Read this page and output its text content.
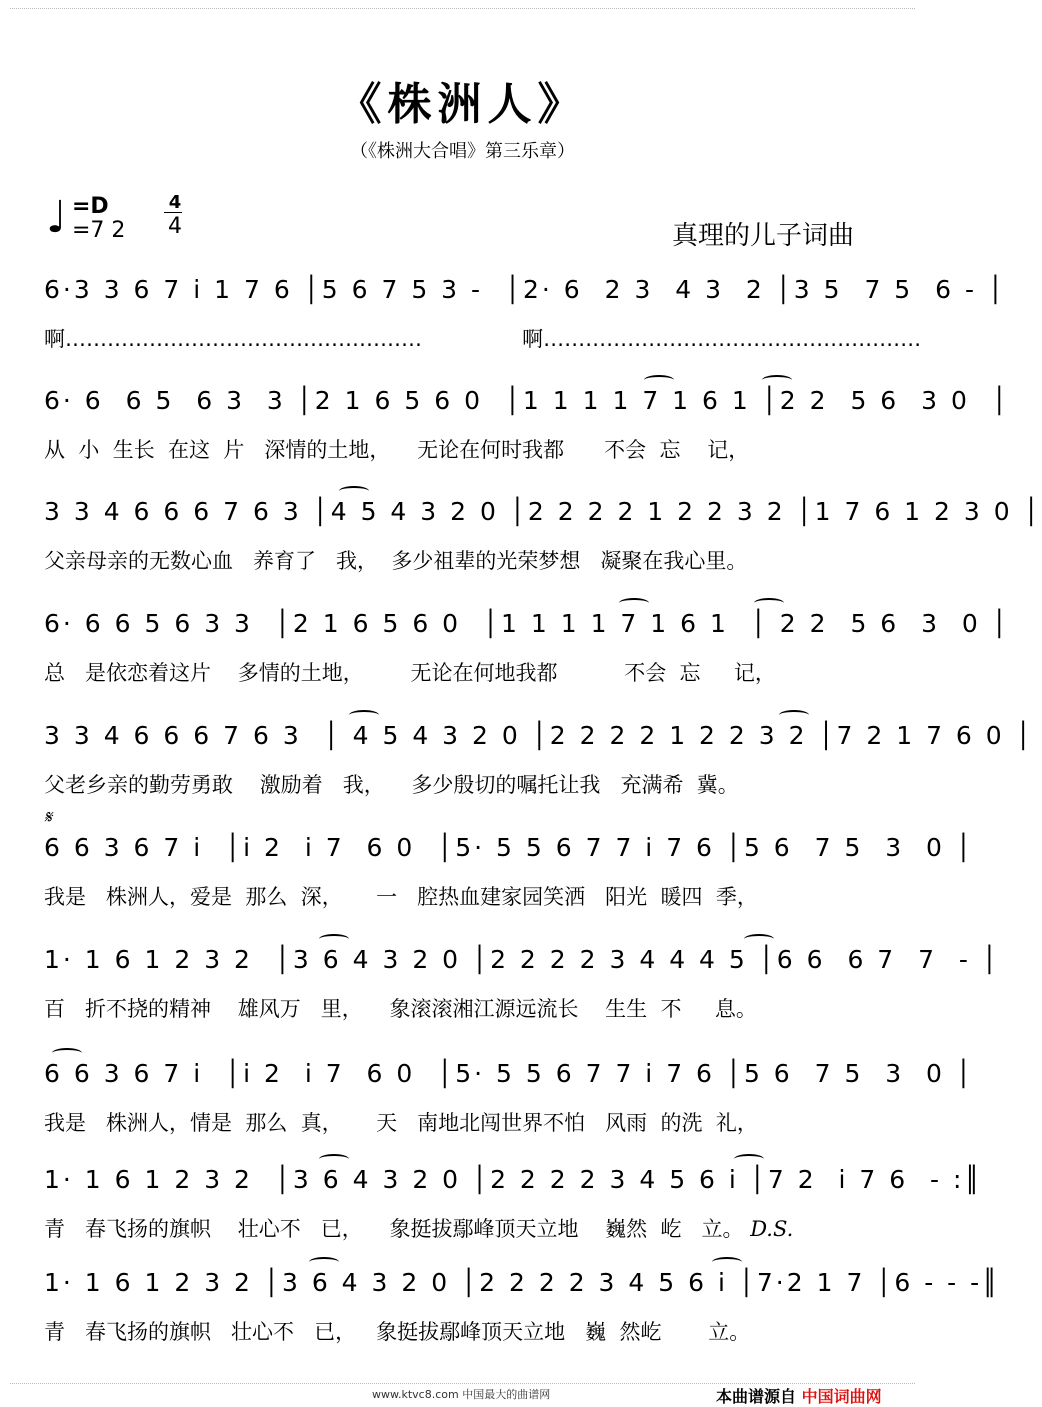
《株洲人》
（《株洲大合唱》第三乐章）
♩ =D
=7 2
4
4	真理的儿子词曲
6·3 3 6 7 i 1 7 6 │5 6 7 5 3 -  │2· 6  2 3  4 3  2 │3 5  7 5  6 - │
啊……………………………………………               啊………………………………………………
6· 6  6 5  6 3  3 │2 1 6 5 6 0  │1 1 1 1 7 1 6 1 │2 2  5 6  3 0  │
从  小  生长  在这  片   深情的土地，    无论在何时我都      不会  忘    记，
3 3 4 6 6 6 7 6 3 │4 5 4 3 2 0 │2 2 2 2 1 2 2 3 2 │1 7 6 1 2 3 0 │
父亲母亲的无数心血   养育了   我，  多少祖辈的光荣梦想   凝聚在我心里。
6· 6 6 5 6 3 3  │2 1 6 5 6 0  │1 1 1 1 7 1 6 1  │ 2 2  5 6  3  0 │
总   是依恋着这片    多情的土地，       无论在何地我都          不会  忘     记，
3 3 4 6 6 6 7 6 3  │ 4 5 4 3 2 0 │2 2 2 2 1 2 2 3 2 │7 2 1 7 6 0 │
父老乡亲的勤劳勇敢    激励着   我，    多少殷切的嘱托让我   充满希  冀。
𝄋
6 6 3 6 7 i  │i 2  i 7  6 0  │5· 5 5 6 7 7 i 7 6 │5 6  7 5  3  0 │
我是   株洲人，爱是  那么  深，     一   腔热血建家园笑洒   阳光  暖四  季，
1· 1 6 1 2 3 2  │3 6 4 3 2 0 │2 2 2 2 3 4 4 4 5 │6 6  6 7  7  - │
百   折不挠的精神    雄风万   里，    象滚滚湘江源远流长    生生  不     息。
6 6 3 6 7 i  │i 2  i 7  6 0  │5· 5 5 6 7 7 i 7 6 │5 6  7 5  3  0 │
我是   株洲人，情是  那么  真，     天   南地北闯世界不怕   风雨  的洗  礼，
1· 1 6 1 2 3 2  │3 6 4 3 2 0 │2 2 2 2 3 4 5 6 i │7 2  i 7 6  - :║
青   春飞扬的旗帜    壮心不   已，    象挺拔鄢峰顶天立地    巍然  屹   立。 D.S.
1· 1 6 1 2 3 2 │3 6 4 3 2 0 │2 2 2 2 3 4 5 6 i │7·2 1 7 │6 - - -║
青   春飞扬的旗帜   壮心不   已，   象挺拔鄢峰顶天立地   巍  然屹       立。
www.ktvc8.com 中国最大的曲谱网	本曲谱源自 中国词曲网
